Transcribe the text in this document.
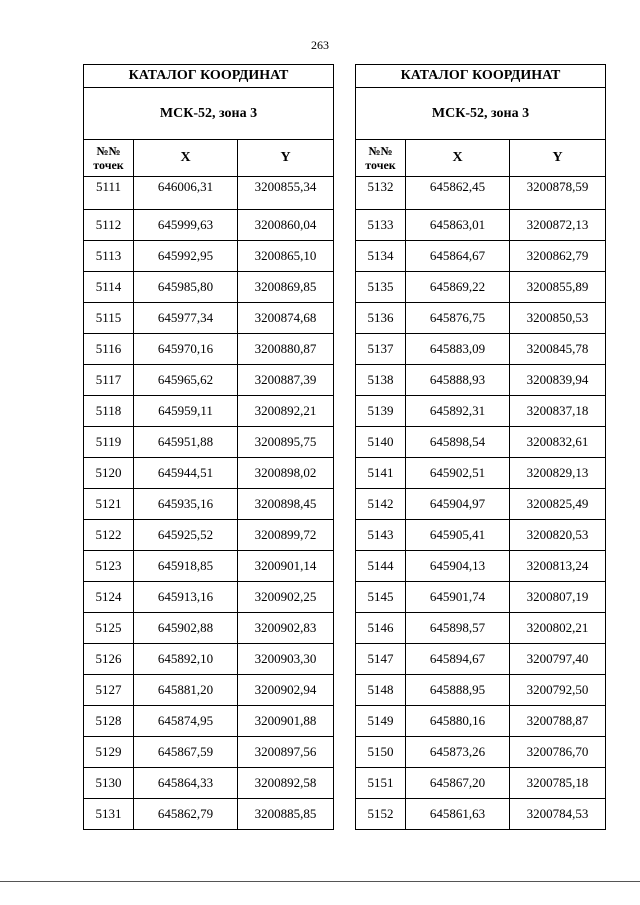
263
КАТАЛОГ КООРДИНАТ		
МСК-52, зона 3		
№№
точек	X	Y
5111	646006,31	3200855,34
5112	645999,63	3200860,04
5113	645992,95	3200865,10
5114	645985,80	3200869,85
5115	645977,34	3200874,68
5116	645970,16	3200880,87
5117	645965,62	3200887,39
5118	645959,11	3200892,21
5119	645951,88	3200895,75
5120	645944,51	3200898,02
5121	645935,16	3200898,45
5122	645925,52	3200899,72
5123	645918,85	3200901,14
5124	645913,16	3200902,25
5125	645902,88	3200902,83
5126	645892,10	3200903,30
5127	645881,20	3200902,94
5128	645874,95	3200901,88
5129	645867,59	3200897,56
5130	645864,33	3200892,58
5131	645862,79	3200885,85
КАТАЛОГ КООРДИНАТ		
МСК-52, зона 3		
№№
точек	X	Y
5132	645862,45	3200878,59
5133	645863,01	3200872,13
5134	645864,67	3200862,79
5135	645869,22	3200855,89
5136	645876,75	3200850,53
5137	645883,09	3200845,78
5138	645888,93	3200839,94
5139	645892,31	3200837,18
5140	645898,54	3200832,61
5141	645902,51	3200829,13
5142	645904,97	3200825,49
5143	645905,41	3200820,53
5144	645904,13	3200813,24
5145	645901,74	3200807,19
5146	645898,57	3200802,21
5147	645894,67	3200797,40
5148	645888,95	3200792,50
5149	645880,16	3200788,87
5150	645873,26	3200786,70
5151	645867,20	3200785,18
5152	645861,63	3200784,53
